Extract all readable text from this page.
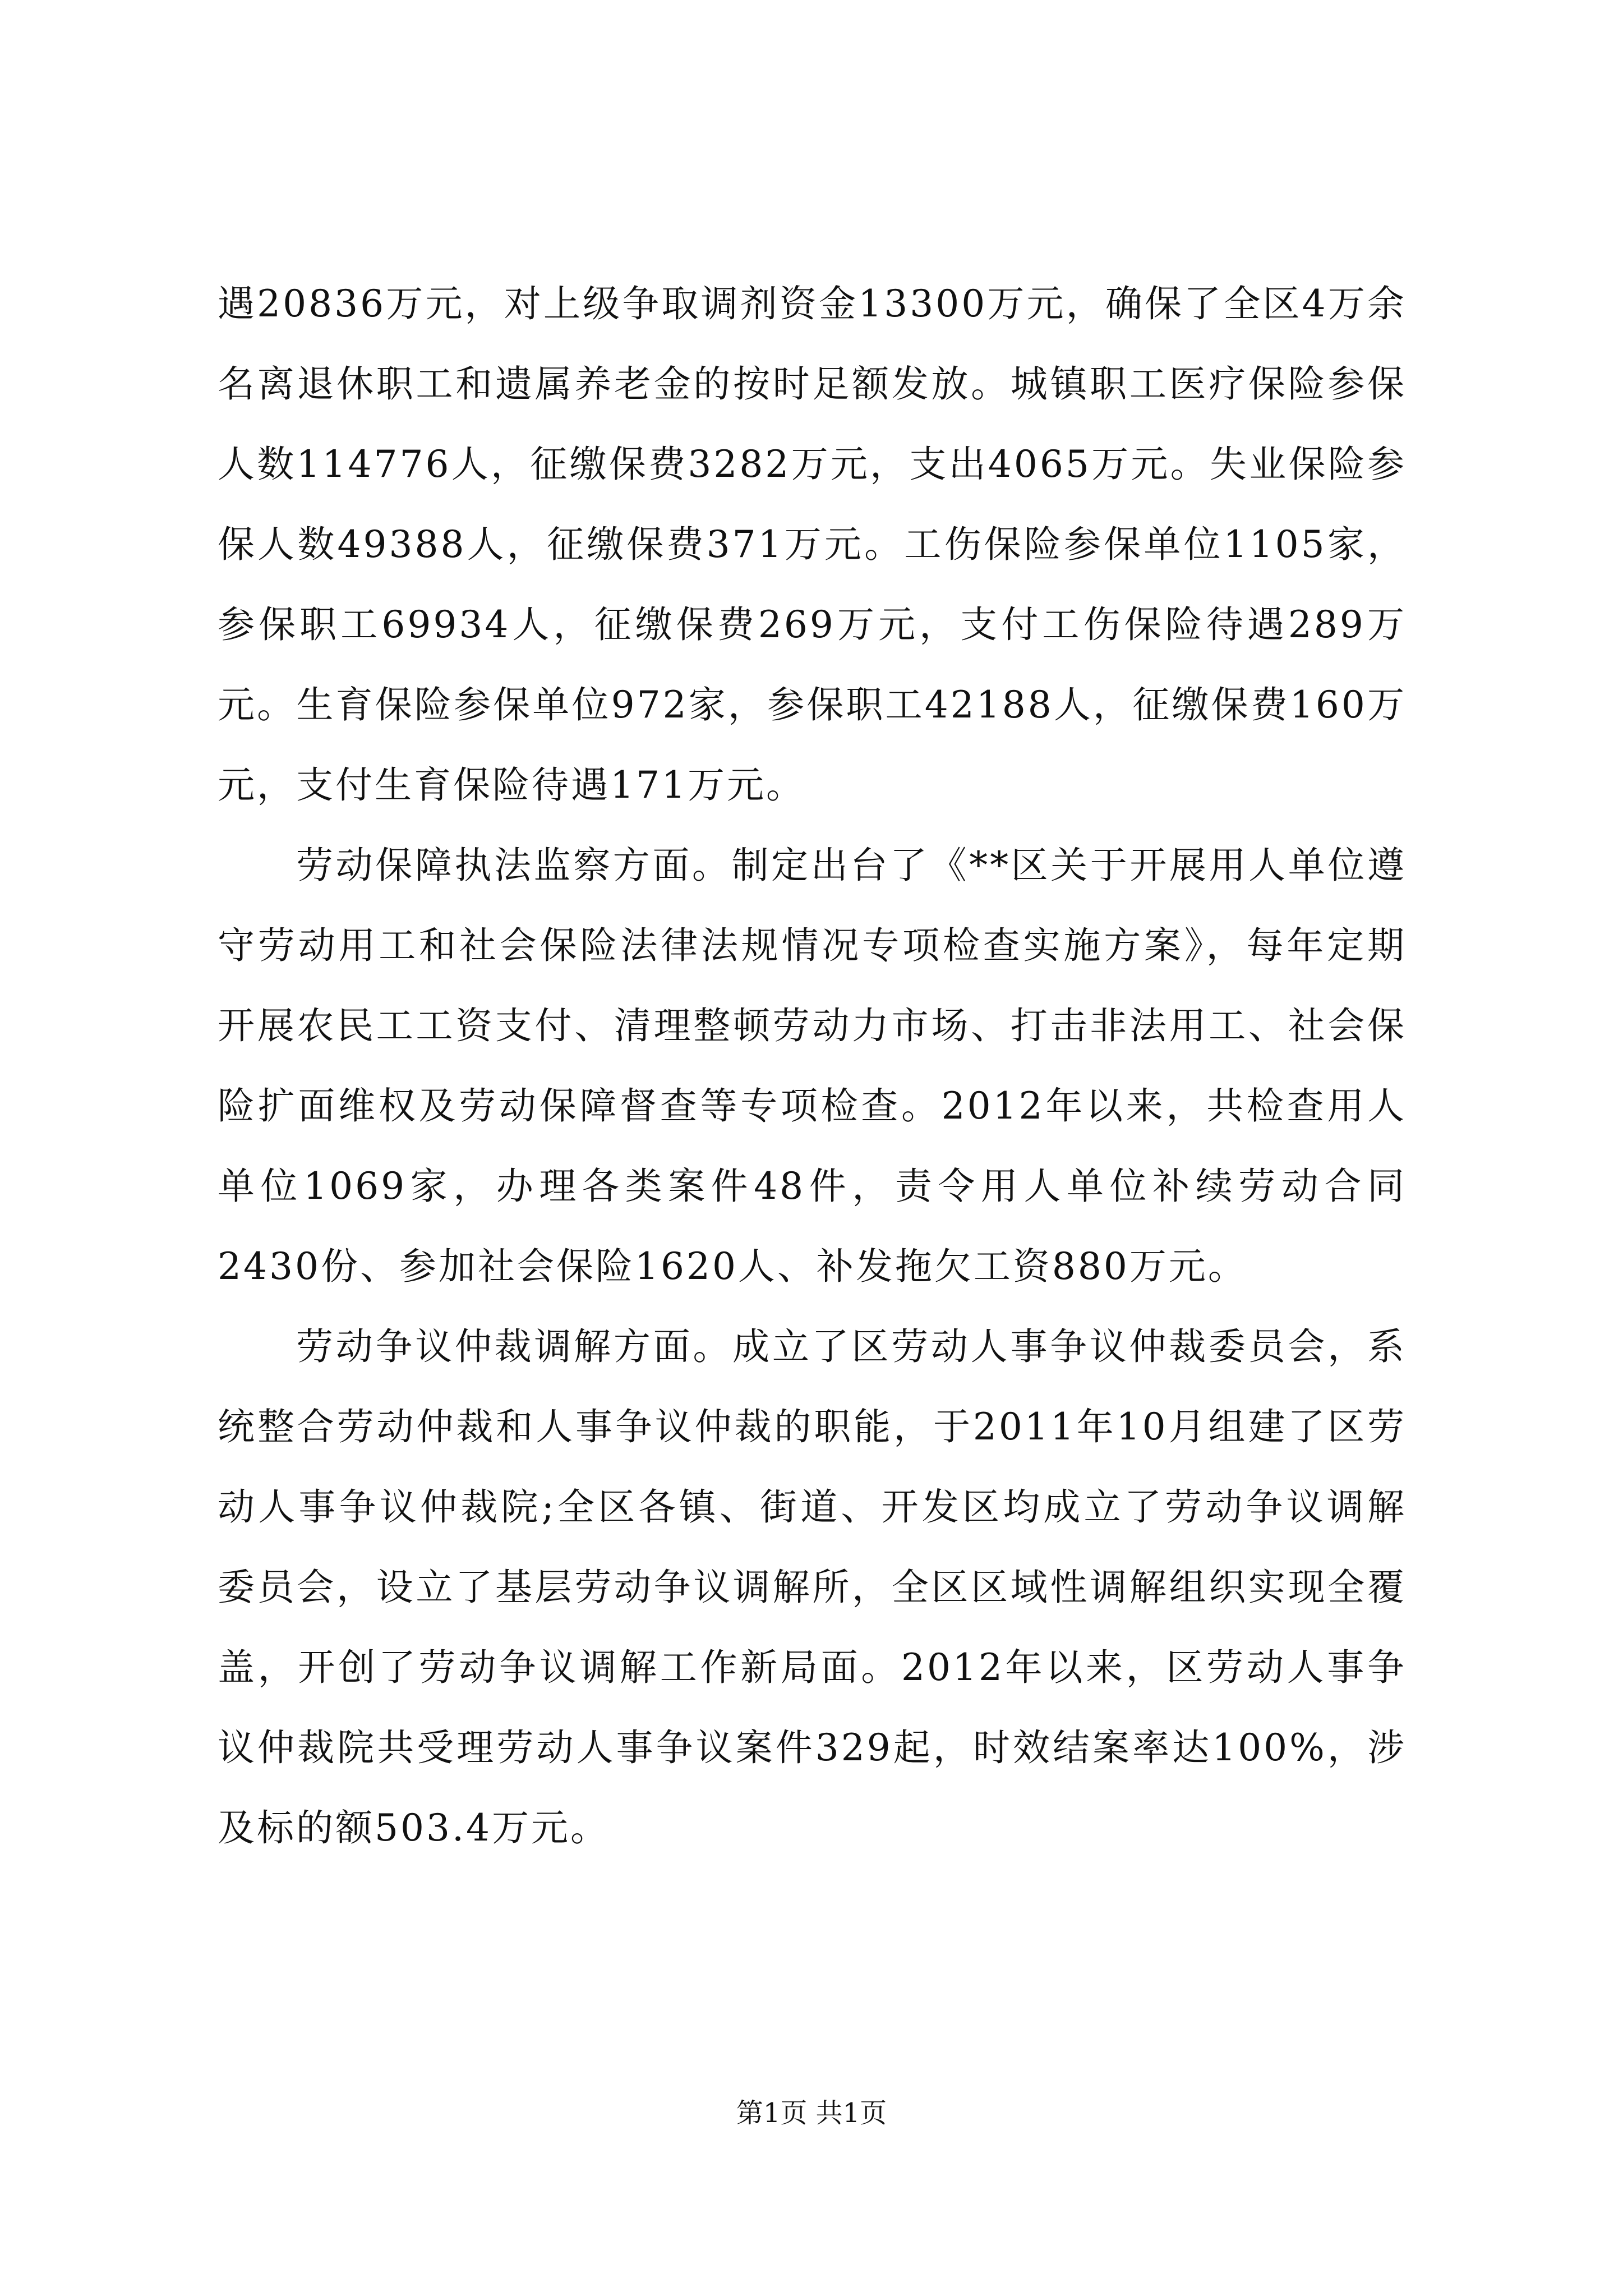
遇20836万元，对上级争取调剂资金13300万元，确保了全区4万余名离退休职工和遗属养老金的按时足额发放。城镇职工医疗保险参保人数114776人，征缴保费3282万元，支出4065万元。失业保险参保人数49388人，征缴保费371万元。工伤保险参保单位1105家，参保职工69934人，征缴保费269万元，支付工伤保险待遇289万元。生育保险参保单位972家，参保职工42188人，征缴保费160万元，支付生育保险待遇171万元。

劳动保障执法监察方面。制定出台了《**区关于开展用人单位遵守劳动用工和社会保险法律法规情况专项检查实施方案》，每年定期开展农民工工资支付、清理整顿劳动力市场、打击非法用工、社会保险扩面维权及劳动保障督查等专项检查。2012年以来，共检查用人单位1069家，办理各类案件48件，责令用人单位补续劳动合同2430份、参加社会保险1620人、补发拖欠工资880万元。

劳动争议仲裁调解方面。成立了区劳动人事争议仲裁委员会，系统整合劳动仲裁和人事争议仲裁的职能，于2011年10月组建了区劳动人事争议仲裁院;全区各镇、街道、开发区均成立了劳动争议调解委员会，设立了基层劳动争议调解所，全区区域性调解组织实现全覆盖，开创了劳动争议调解工作新局面。2012年以来，区劳动人事争议仲裁院共受理劳动人事争议案件329起，时效结案率达100%，涉及标的额503.4万元。

第1页 共1页
